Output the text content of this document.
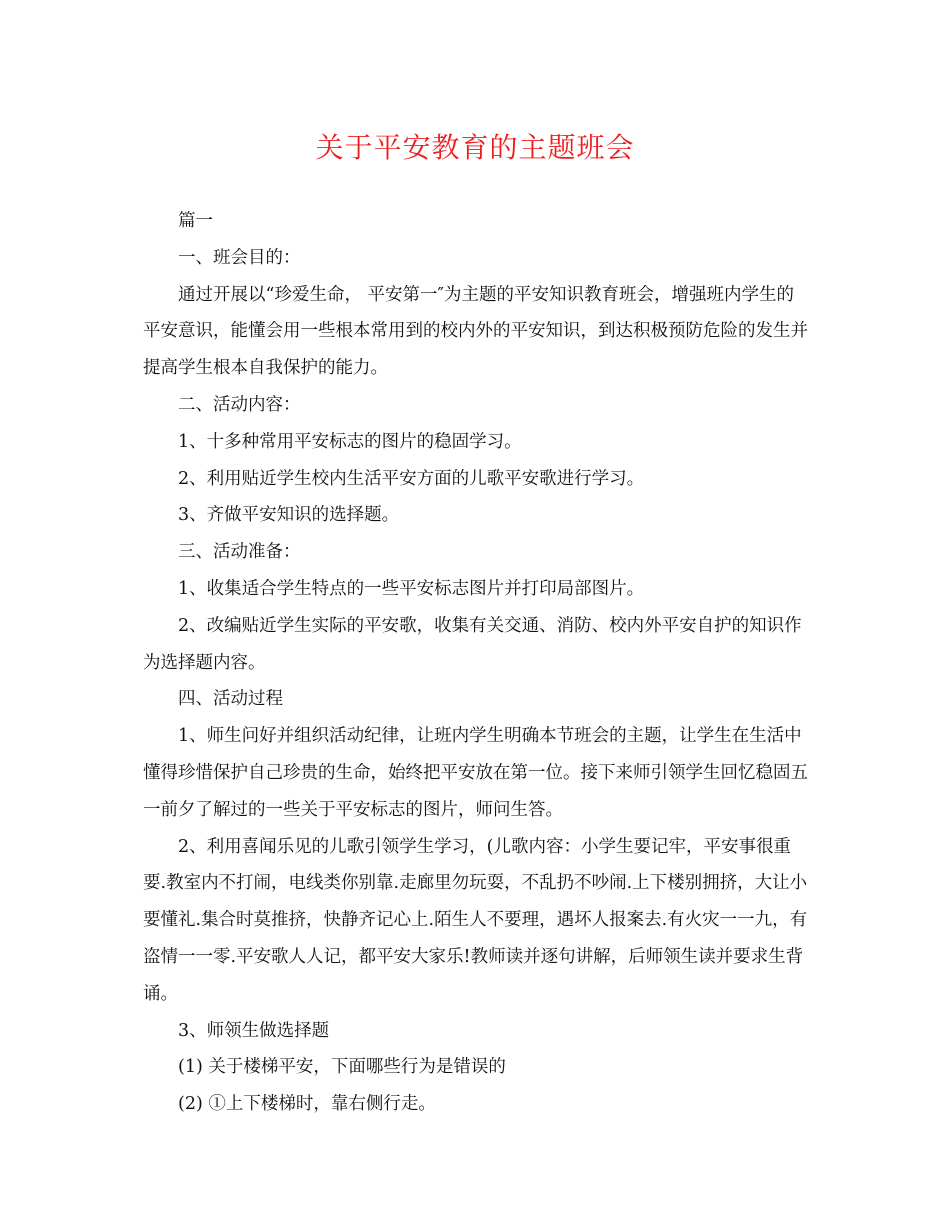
关于平安教育的主题班会

篇一

一、班会目的：

通过开展以“珍爱生命， 平安第一″为主题的平安知识教育班会，增强班内学生的平安意识，能懂会用一些根本常用到的校内外的平安知识，到达积极预防危险的发生并提高学生根本自我保护的能力。

二、活动内容：

1、十多种常用平安标志的图片的稳固学习。

2、利用贴近学生校内生活平安方面的儿歌平安歌进行学习。

3、齐做平安知识的选择题。

三、活动准备：

1、收集适合学生特点的一些平安标志图片并打印局部图片。

2、改编贴近学生实际的平安歌，收集有关交通、消防、校内外平安自护的知识作为选择题内容。

四、活动过程

1、师生问好并组织活动纪律，让班内学生明确本节班会的主题，让学生在生活中懂得珍惜保护自己珍贵的生命，始终把平安放在第一位。接下来师引领学生回忆稳固五一前夕了解过的一些关于平安标志的图片，师问生答。

2、利用喜闻乐见的儿歌引领学生学习，(儿歌内容：小学生要记牢，平安事很重要.教室内不打闹，电线类你别靠.走廊里勿玩耍，不乱扔不吵闹.上下楼别拥挤，大让小要懂礼.集合时莫推挤，快静齐记心上.陌生人不要理，遇坏人报案去.有火灾一一九，有盗情一一零.平安歌人人记，都平安大家乐!教师读并逐句讲解，后师领生读并要求生背诵。

3、师领生做选择题

(1) 关于楼梯平安，下面哪些行为是错误的

(2) ①上下楼梯时，靠右侧行走。
